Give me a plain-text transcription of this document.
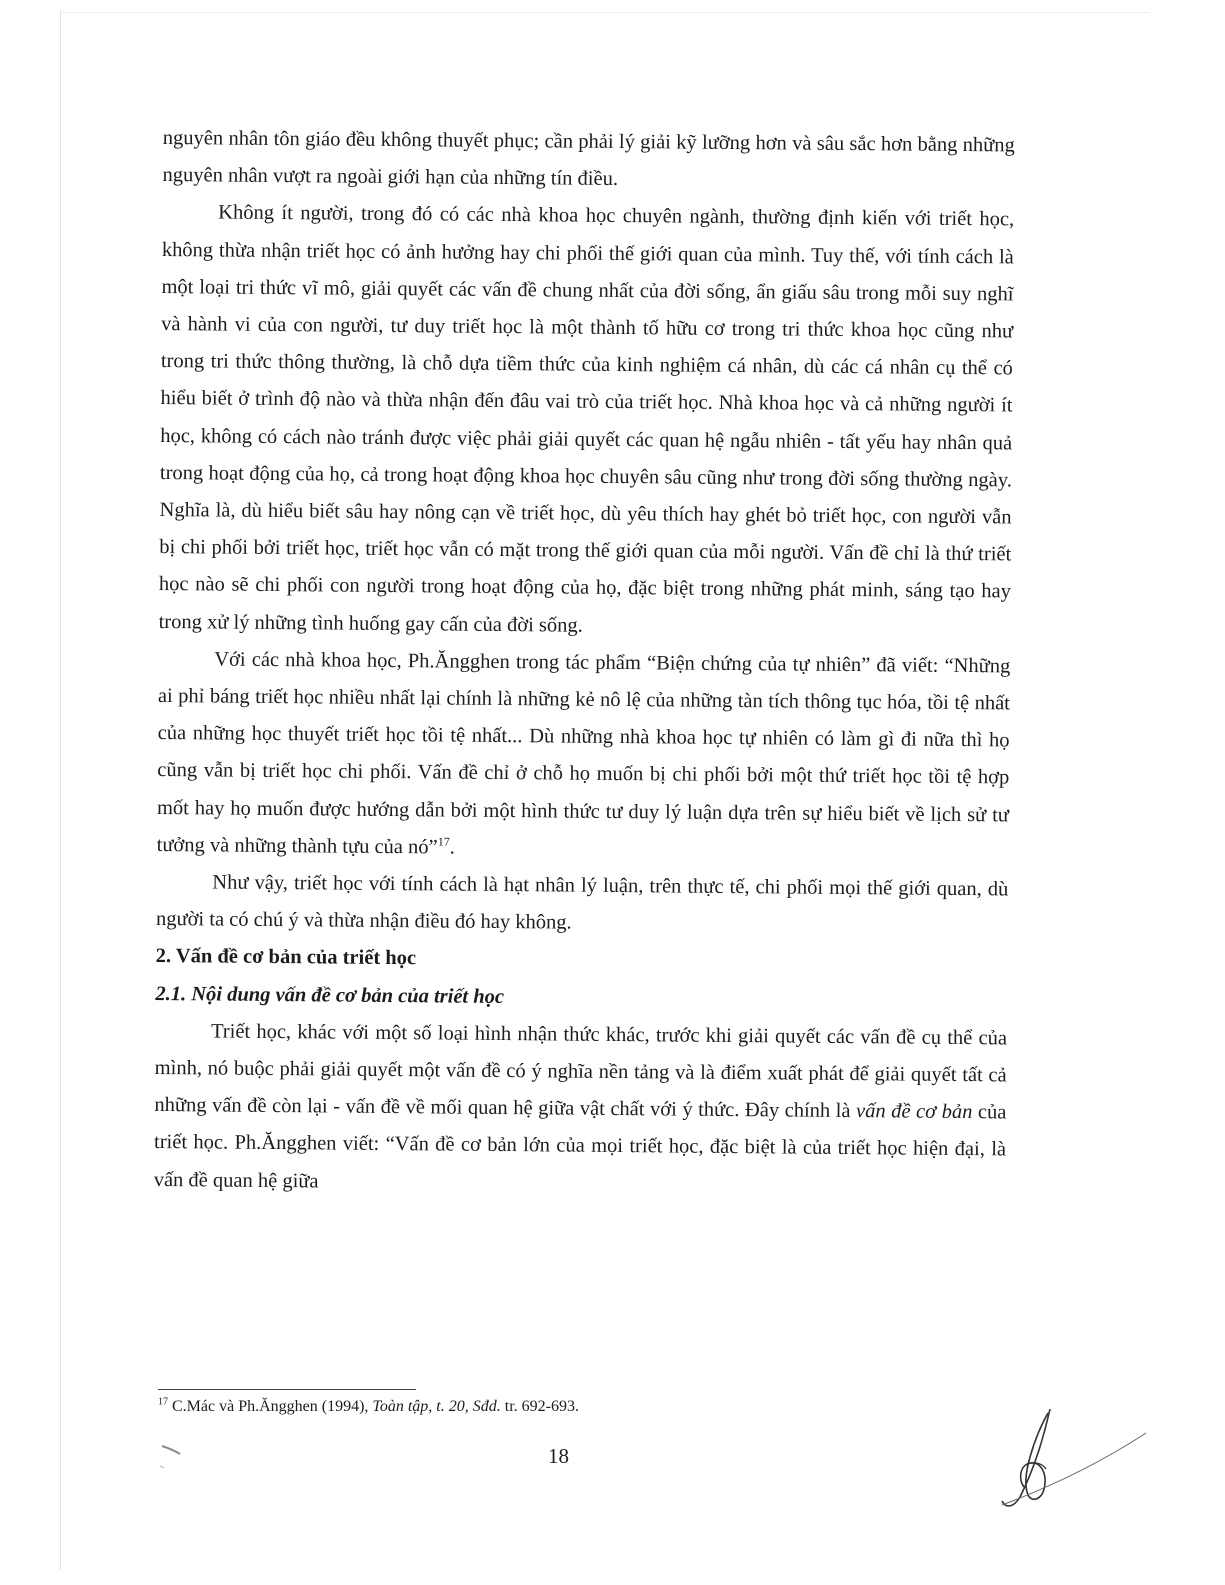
nguyên nhân tôn giáo đều không thuyết phục; cần phải lý giải kỹ lưỡng hơn và sâu sắc hơn bằng những nguyên nhân vượt ra ngoài giới hạn của những tín điều.

Không ít người, trong đó có các nhà khoa học chuyên ngành, thường định kiến với triết học, không thừa nhận triết học có ảnh hưởng hay chi phối thế giới quan của mình. Tuy thế, với tính cách là một loại tri thức vĩ mô, giải quyết các vấn đề chung nhất của đời sống, ẩn giấu sâu trong mỗi suy nghĩ và hành vi của con người, tư duy triết học là một thành tố hữu cơ trong tri thức khoa học cũng như trong tri thức thông thường, là chỗ dựa tiềm thức của kinh nghiệm cá nhân, dù các cá nhân cụ thể có hiểu biết ở trình độ nào và thừa nhận đến đâu vai trò của triết học. Nhà khoa học và cả những người ít học, không có cách nào tránh được việc phải giải quyết các quan hệ ngẫu nhiên - tất yếu hay nhân quả trong hoạt động của họ, cả trong hoạt động khoa học chuyên sâu cũng như trong đời sống thường ngày. Nghĩa là, dù hiểu biết sâu hay nông cạn về triết học, dù yêu thích hay ghét bỏ triết học, con người vẫn bị chi phối bởi triết học, triết học vẫn có mặt trong thế giới quan của mỗi người. Vấn đề chỉ là thứ triết học nào sẽ chi phối con người trong hoạt động của họ, đặc biệt trong những phát minh, sáng tạo hay trong xử lý những tình huống gay cấn của đời sống.

Với các nhà khoa học, Ph.Ăngghen trong tác phẩm “Biện chứng của tự nhiên” đã viết: “Những ai phỉ báng triết học nhiều nhất lại chính là những kẻ nô lệ của những tàn tích thông tục hóa, tồi tệ nhất của những học thuyết triết học tồi tệ nhất... Dù những nhà khoa học tự nhiên có làm gì đi nữa thì họ cũng vẫn bị triết học chi phối. Vấn đề chỉ ở chỗ họ muốn bị chi phối bởi một thứ triết học tồi tệ hợp mốt hay họ muốn được hướng dẫn bởi một hình thức tư duy lý luận dựa trên sự hiểu biết về lịch sử tư tưởng và những thành tựu của nó”$^{17}$.

Như vậy, triết học với tính cách là hạt nhân lý luận, trên thực tế, chi phối mọi thế giới quan, dù người ta có chú ý và thừa nhận điều đó hay không.

2. Vấn đề cơ bản của triết học

2.1. Nội dung vấn đề cơ bản của triết học

Triết học, khác với một số loại hình nhận thức khác, trước khi giải quyết các vấn đề cụ thể của mình, nó buộc phải giải quyết một vấn đề có ý nghĩa nền tảng và là điểm xuất phát để giải quyết tất cả những vấn đề còn lại - vấn đề về mối quan hệ giữa vật chất với ý thức. Đây chính là vấn đề cơ bản của triết học. Ph.Ăngghen viết: “Vấn đề cơ bản lớn của mọi triết học, đặc biệt là của triết học hiện đại, là vấn đề quan hệ giữa

$^{17}$ C.Mác và Ph.Ăngghen (1994), Toàn tập, t. 20, Sđd. tr. 692-693.
18
